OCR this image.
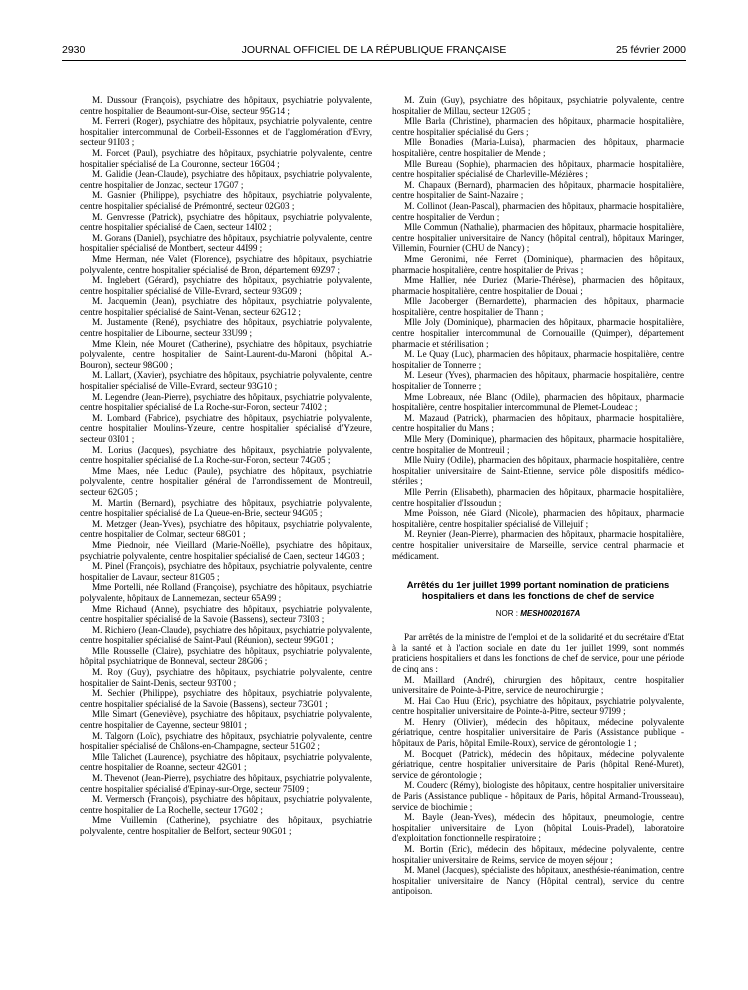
2930	JOURNAL OFFICIEL DE LA RÉPUBLIQUE FRANÇAISE	25 février 2000

M. Dussour (François), psychiatre des hôpitaux, psychiatrie polyvalente, centre hospitalier de Beaumont-sur-Oise, secteur 95G14 ;

M. Ferreri (Roger), psychiatre des hôpitaux, psychiatrie polyvalente, centre hospitalier intercommunal de Corbeil-Essonnes et de l'agglomération d'Evry, secteur 91I03 ;

M. Forcet (Paul), psychiatre des hôpitaux, psychiatrie polyvalente, centre hospitalier spécialisé de La Couronne, secteur 16G04 ;

M. Galidie (Jean-Claude), psychiatre des hôpitaux, psychiatrie polyvalente, centre hospitalier de Jonzac, secteur 17G07 ;

M. Gasnier (Philippe), psychiatre des hôpitaux, psychiatrie polyvalente, centre hospitalier spécialisé de Prémontré, secteur 02G03 ;

M. Genvresse (Patrick), psychiatre des hôpitaux, psychiatrie polyvalente, centre hospitalier spécialisé de Caen, secteur 14I02 ;

M. Gorans (Daniel), psychiatre des hôpitaux, psychiatrie polyvalente, centre hospitalier spécialisé de Montbert, secteur 44I99 ;

Mme Herman, née Valet (Florence), psychiatre des hôpitaux, psychiatrie polyvalente, centre hospitalier spécialisé de Bron, département 69Z97 ;

M. Inglebert (Gérard), psychiatre des hôpitaux, psychiatrie polyvalente, centre hospitalier spécialisé de Ville-Evrard, secteur 93G09 ;

M. Jacquemin (Jean), psychiatre des hôpitaux, psychiatrie polyvalente, centre hospitalier spécialisé de Saint-Venan, secteur 62G12 ;

M. Justamente (René), psychiatre des hôpitaux, psychiatrie polyvalente, centre hospitalier de Libourne, secteur 33U99 ;

Mme Klein, née Mouret (Catherine), psychiatre des hôpitaux, psychiatrie polyvalente, centre hospitalier de Saint-Laurent-du-Maroni (hôpital A.-Bouron), secteur 98G00 ;

M. Lallart, (Xavier), psychiatre des hôpitaux, psychiatrie polyvalente, centre hospitalier spécialisé de Ville-Evrard, secteur 93G10 ;

M. Legendre (Jean-Pierre), psychiatre des hôpitaux, psychiatrie polyvalente, centre hospitalier spécialisé de La Roche-sur-Foron, secteur 74I02 ;

M. Lombard (Fabrice), psychiatre des hôpitaux, psychiatrie polyvalente, centre hospitalier Moulins-Yzeure, centre hospitalier spécialisé d'Yzeure, secteur 03I01 ;

M. Lorius (Jacques), psychiatre des hôpitaux, psychiatrie polyvalente, centre hospitalier spécialisé de La Roche-sur-Foron, secteur 74G05 ;

Mme Maes, née Leduc (Paule), psychiatre des hôpitaux, psychiatrie polyvalente, centre hospitalier général de l'arrondissement de Montreuil, secteur 62G05 ;

M. Martin (Bernard), psychiatre des hôpitaux, psychiatrie polyvalente, centre hospitalier spécialisé de La Queue-en-Brie, secteur 94G05 ;

M. Metzger (Jean-Yves), psychiatre des hôpitaux, psychiatrie polyvalente, centre hospitalier de Colmar, secteur 68G01 ;

Mme Piednoir, née Vieillard (Marie-Noëlle), psychiatre des hôpitaux, psychiatrie polyvalente, centre hospitalier spécialisé de Caen, secteur 14G03 ;

M. Pinel (François), psychiatre des hôpitaux, psychiatrie polyvalente, centre hospitalier de Lavaur, secteur 81G05 ;

Mme Portelli, née Rolland (Françoise), psychiatre des hôpitaux, psychiatrie polyvalente, hôpitaux de Lannemezan, secteur 65A99 ;

Mme Richaud (Anne), psychiatre des hôpitaux, psychiatrie polyvalente, centre hospitalier spécialisé de la Savoie (Bassens), secteur 73I03 ;

M. Richiero (Jean-Claude), psychiatre des hôpitaux, psychiatrie polyvalente, centre hospitalier spécialisé de Saint-Paul (Réunion), secteur 99G01 ;

Mlle Rousselle (Claire), psychiatre des hôpitaux, psychiatrie polyvalente, hôpital psychiatrique de Bonneval, secteur 28G06 ;

M. Roy (Guy), psychiatre des hôpitaux, psychiatrie polyvalente, centre hospitalier de Saint-Denis, secteur 93T00 ;

M. Sechier (Philippe), psychiatre des hôpitaux, psychiatrie polyvalente, centre hospitalier spécialisé de la Savoie (Bassens), secteur 73G01 ;

Mlle Simart (Geneviève), psychiatre des hôpitaux, psychiatrie polyvalente, centre hospitalier de Cayenne, secteur 98I01 ;

M. Talgorn (Loïc), psychiatre des hôpitaux, psychiatrie polyvalente, centre hospitalier spécialisé de Châlons-en-Champagne, secteur 51G02 ;

Mlle Talichet (Laurence), psychiatre des hôpitaux, psychiatrie polyvalente, centre hospitalier de Roanne, secteur 42G01 ;

M. Thevenot (Jean-Pierre), psychiatre des hôpitaux, psychiatrie polyvalente, centre hospitalier spécialisé d'Epinay-sur-Orge, secteur 75I09 ;

M. Vermersch (François), psychiatre des hôpitaux, psychiatrie polyvalente, centre hospitalier de La Rochelle, secteur 17G02 ;

Mme Vuillemin (Catherine), psychiatre des hôpitaux, psychiatrie polyvalente, centre hospitalier de Belfort, secteur 90G01 ;

M. Zuin (Guy), psychiatre des hôpitaux, psychiatrie polyvalente, centre hospitalier de Millau, secteur 12G05 ;

Mlle Barla (Christine), pharmacien des hôpitaux, pharmacie hospitalière, centre hospitalier spécialisé du Gers ;

Mlle Bonadies (Maria-Luisa), pharmacien des hôpitaux, pharmacie hospitalière, centre hospitalier de Mende ;

Mlle Bureau (Sophie), pharmacien des hôpitaux, pharmacie hospitalière, centre hospitalier spécialisé de Charleville-Mézières ;

M. Chapaux (Bernard), pharmacien des hôpitaux, pharmacie hospitalière, centre hospitalier de Saint-Nazaire ;

M. Collinot (Jean-Pascal), pharmacien des hôpitaux, pharmacie hospitalière, centre hospitalier de Verdun ;

Mlle Commun (Nathalie), pharmacien des hôpitaux, pharmacie hospitalière, centre hospitalier universitaire de Nancy (hôpital central), hôpitaux Maringer, Villemin, Fournier (CHU de Nancy) ;

Mme Geronimi, née Ferret (Dominique), pharmacien des hôpitaux, pharmacie hospitalière, centre hospitalier de Privas ;

Mme Hallier, née Duriez (Marie-Thérèse), pharmacien des hôpitaux, pharmacie hospitalière, centre hospitalier de Douai ;

Mlle Jacoberger (Bernardette), pharmacien des hôpitaux, pharmacie hospitalière, centre hospitalier de Thann ;

Mlle Joly (Dominique), pharmacien des hôpitaux, pharmacie hospitalière, centre hospitalier intercommunal de Cornouaille (Quimper), département pharmacie et stérilisation ;

M. Le Quay (Luc), pharmacien des hôpitaux, pharmacie hospitalière, centre hospitalier de Tonnerre ;

M. Leseur (Yves), pharmacien des hôpitaux, pharmacie hospitalière, centre hospitalier de Tonnerre ;

Mme Lobreaux, née Blanc (Odile), pharmacien des hôpitaux, pharmacie hospitalière, centre hospitalier intercommunal de Plemet-Loudeac ;

M. Mazaud (Patrick), pharmacien des hôpitaux, pharmacie hospitalière, centre hospitalier du Mans ;

Mlle Mery (Dominique), pharmacien des hôpitaux, pharmacie hospitalière, centre hospitalier de Montreuil ;

Mlle Nuiry (Odile), pharmacien des hôpitaux, pharmacie hospitalière, centre hospitalier universitaire de Saint-Etienne, service pôle dispositifs médico-stériles ;

Mlle Perrin (Elisabeth), pharmacien des hôpitaux, pharmacie hospitalière, centre hospitalier d'Issoudun ;

Mme Poisson, née Giard (Nicole), pharmacien des hôpitaux, pharmacie hospitalière, centre hospitalier spécialisé de Villejuif ;

M. Reynier (Jean-Pierre), pharmacien des hôpitaux, pharmacie hospitalière, centre hospitalier universitaire de Marseille, service central pharmacie et médicament.

Arrêtés du 1er juillet 1999 portant nomination de praticiens hospitaliers et dans les fonctions de chef de service

NOR : MESH0020167A

Par arrêtés de la ministre de l'emploi et de la solidarité et du secrétaire d'Etat à la santé et à l'action sociale en date du 1er juillet 1999, sont nommés praticiens hospitaliers et dans les fonctions de chef de service, pour une période de cinq ans :

M. Maillard (André), chirurgien des hôpitaux, centre hospitalier universitaire de Pointe-à-Pitre, service de neurochirurgie ;

M. Hai Cao Huu (Eric), psychiatre des hôpitaux, psychiatrie polyvalente, centre hospitalier universitaire de Pointe-à-Pitre, secteur 97I99 ;

M. Henry (Olivier), médecin des hôpitaux, médecine polyvalente gériatrique, centre hospitalier universitaire de Paris (Assistance publique - hôpitaux de Paris, hôpital Emile-Roux), service de gérontologie 1 ;

M. Bocquet (Patrick), médecin des hôpitaux, médecine polyvalente gériatrique, centre hospitalier universitaire de Paris (hôpital René-Muret), service de gérontologie ;

M. Couderc (Rémy), biologiste des hôpitaux, centre hospitalier universitaire de Paris (Assistance publique - hôpitaux de Paris, hôpital Armand-Trousseau), service de biochimie ;

M. Bayle (Jean-Yves), médecin des hôpitaux, pneumologie, centre hospitalier universitaire de Lyon (hôpital Louis-Pradel), laboratoire d'exploitation fonctionnelle respiratoire ;

M. Bortin (Eric), médecin des hôpitaux, médecine polyvalente, centre hospitalier universitaire de Reims, service de moyen séjour ;

M. Manel (Jacques), spécialiste des hôpitaux, anesthésie-réanimation, centre hospitalier universitaire de Nancy (Hôpital central), service du centre antipoison.
